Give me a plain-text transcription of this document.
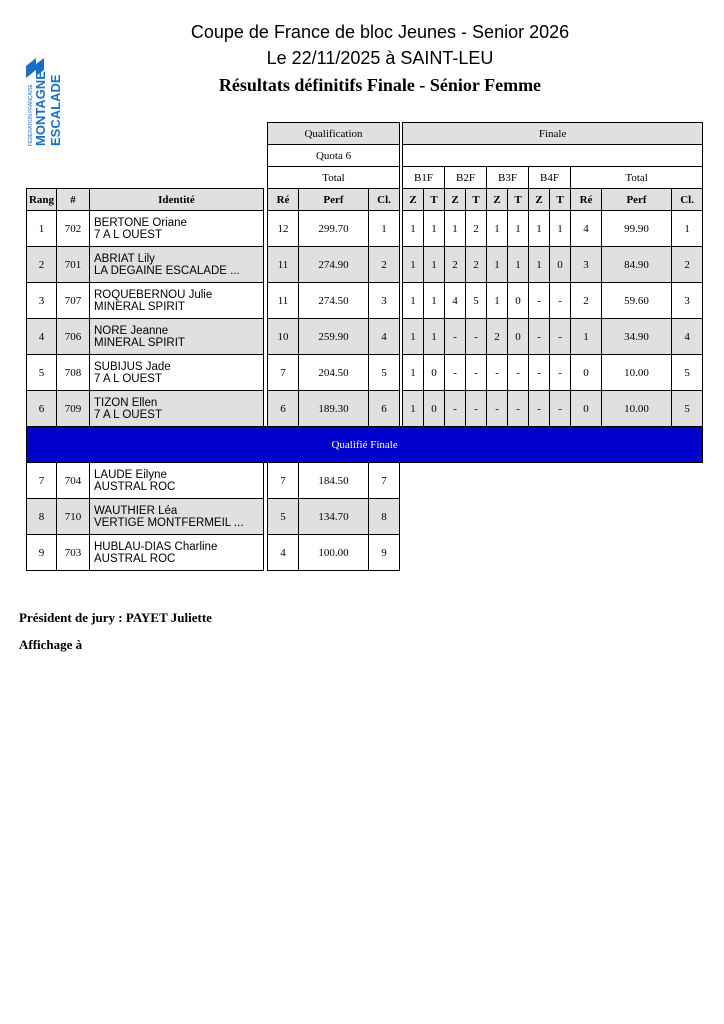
FÉDÉRATION FRANÇAISE MONTAGNE ESCALADE
Coupe de France de bloc Jeunes - Senior 2026
Le 22/11/2025 à SAINT-LEU
Résultats définitifs Finale - Sénior Femme
				Qualification				Finale										
				Quota 6														
				Total				B1F		B2F		B3F		B4F		Total		
Rang	#	Identité		Ré	Perf	Cl.		Z	T	Z	T	Z	T	Z	T	Ré	Perf	Cl.
1	702	BERTONE Oriane
7 A L OUEST		12	299.70	1		1	1	1	2	1	1	1	1	4	99.90	1
2	701	ABRIAT Lily
LA DEGAINE ESCALADE ...		11	274.90	2		1	1	2	2	1	1	1	0	3	84.90	2
3	707	ROQUEBERNOU Julie
MINERAL SPIRIT		11	274.50	3		1	1	4	5	1	0	-	-	2	59.60	3
4	706	NORE Jeanne
MINERAL SPIRIT		10	259.90	4		1	1	-	-	2	0	-	-	1	34.90	4
5	708	SUBIJUS Jade
7 A L OUEST		7	204.50	5		1	0	-	-	-	-	-	-	0	10.00	5
6	709	TIZON Ellen
7 A L OUEST		6	189.30	6		1	0	-	-	-	-	-	-	0	10.00	5
Qualifié Finale																		
7	704	LAUDE Eilyne
AUSTRAL ROC		7	184.50	7												
8	710	WAUTHIER Léa
VERTIGE MONTFERMEIL ...		5	134.70	8												
9	703	HUBLAU-DIAS Charline
AUSTRAL ROC		4	100.00	9												
Président de jury : PAYET Juliette
Affichage à
